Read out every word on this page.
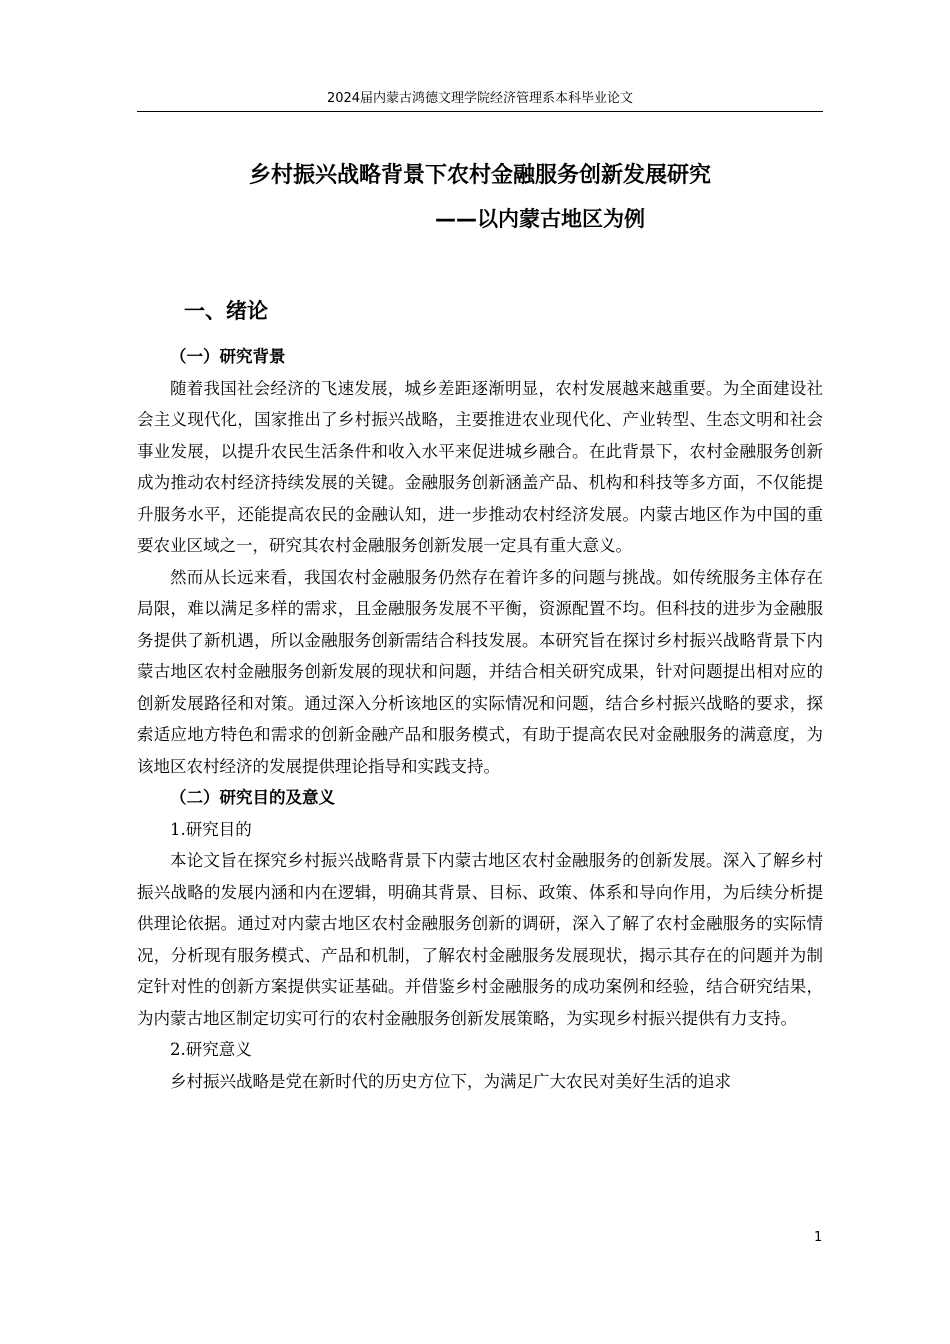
2024届内蒙古鸿德文理学院经济管理系本科毕业论文
乡村振兴战略背景下农村金融服务创新发展研究
——以内蒙古地区为例
一、绪论

（一）研究背景

随着我国社会经济的飞速发展，城乡差距逐渐明显，农村发展越来越重要。为全面建设社会主义现代化，国家推出了乡村振兴战略，主要推进农业现代化、产业转型、生态文明和社会事业发展，以提升农民生活条件和收入水平来促进城乡融合。在此背景下，农村金融服务创新成为推动农村经济持续发展的关键。金融服务创新涵盖产品、机构和科技等多方面，不仅能提升服务水平，还能提高农民的金融认知，进一步推动农村经济发展。内蒙古地区作为中国的重要农业区域之一，研究其农村金融服务创新发展一定具有重大意义。

然而从长远来看，我国农村金融服务仍然存在着许多的问题与挑战。如传统服务主体存在局限，难以满足多样的需求，且金融服务发展不平衡，资源配置不均。但科技的进步为金融服务提供了新机遇，所以金融服务创新需结合科技发展。本研究旨在探讨乡村振兴战略背景下内蒙古地区农村金融服务创新发展的现状和问题，并结合相关研究成果，针对问题提出相对应的创新发展路径和对策。通过深入分析该地区的实际情况和问题，结合乡村振兴战略的要求，探索适应地方特色和需求的创新金融产品和服务模式，有助于提高农民对金融服务的满意度，为该地区农村经济的发展提供理论指导和实践支持。

（二）研究目的及意义

1.研究目的

本论文旨在探究乡村振兴战略背景下内蒙古地区农村金融服务的创新发展。深入了解乡村振兴战略的发展内涵和内在逻辑，明确其背景、目标、政策、体系和导向作用，为后续分析提供理论依据。通过对内蒙古地区农村金融服务创新的调研，深入了解了农村金融服务的实际情况，分析现有服务模式、产品和机制，了解农村金融服务发展现状，揭示其存在的问题并为制定针对性的创新方案提供实证基础。并借鉴乡村金融服务的成功案例和经验，结合研究结果，为内蒙古地区制定切实可行的农村金融服务创新发展策略，为实现乡村振兴提供有力支持。

2.研究意义

乡村振兴战略是党在新时代的历史方位下，为满足广大农民对美好生活的追求

1
